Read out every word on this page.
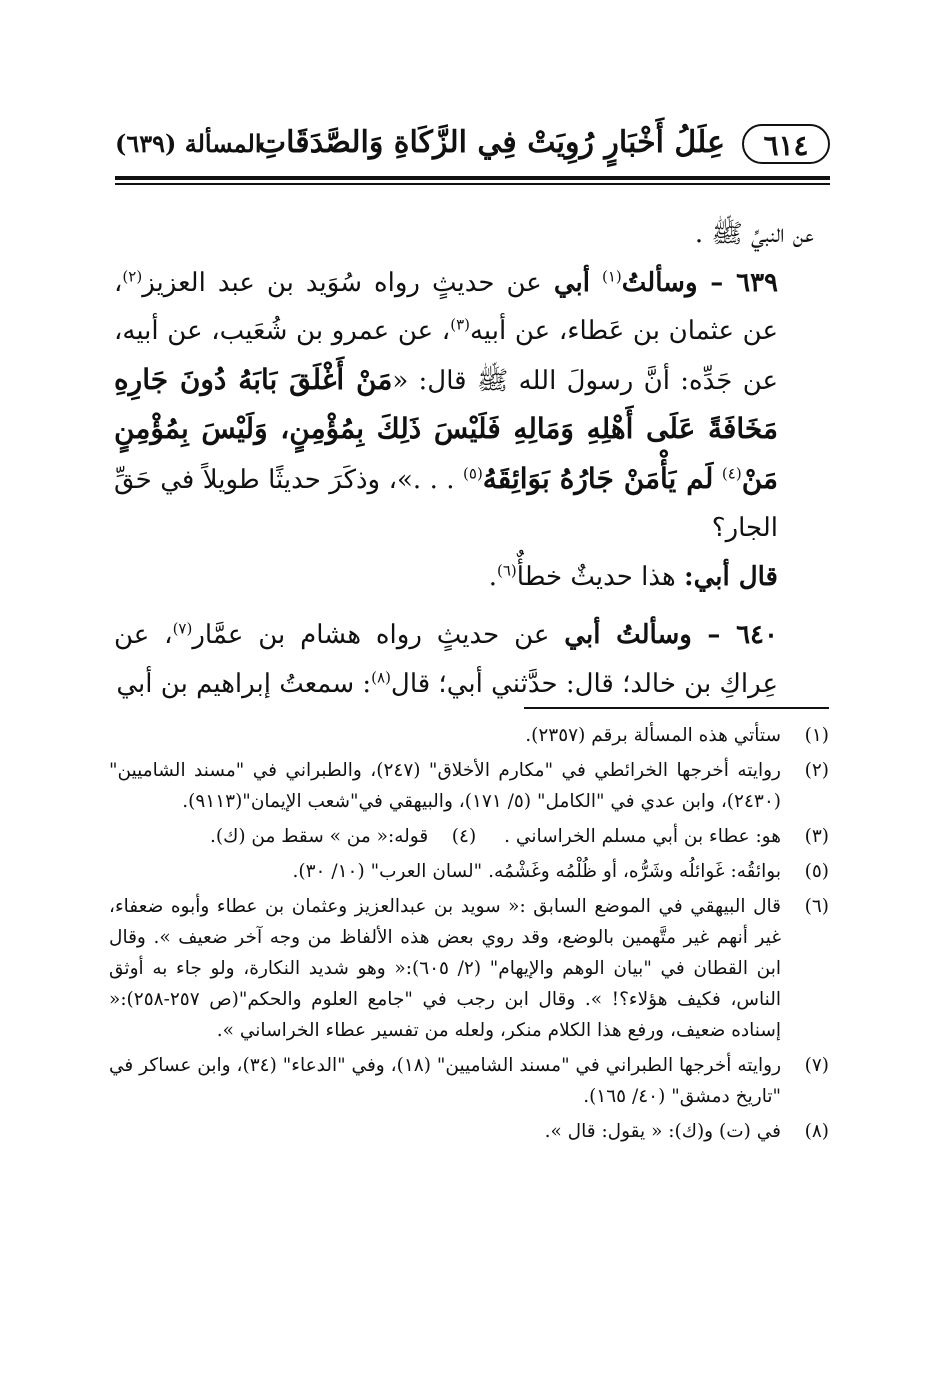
٦١٤
عِلَلُ أَخْبَارٍ رُوِيَتْ فِي الزَّكَاةِ وَالصَّدَقَاتِ
المسألة (٦٣٩)

عن النبيِّ ﷺ .

٦٣٩ – وسألتُ$^{(١)}$ أبي عن حديثٍ رواه سُوَيد بن عبد العزيز$^{(٢)}$، عن عثمان بن عَطاء، عن أبيه$^{(٣)}$، عن عمرو بن شُعَيب، عن أبيه، عن جَدِّه: أنَّ رسولَ الله ﷺ قال: «مَنْ أَغْلَقَ بَابَهُ دُونَ جَارِهِ مَخَافَةً عَلَى أَهْلِهِ وَمَالِهِ فَلَيْسَ ذَلِكَ بِمُؤْمِنٍ، وَلَيْسَ بِمُؤْمِنٍ مَنْ$^{(٤)}$ لَم يَأْمَنْ جَارُهُ بَوَائِقَهُ$^{(٥)}$ . . .»، وذكَرَ حديثًا طويلاً في حَقِّ الجار؟

قال أبي: هذا حديثٌ خطأٌ$^{(٦)}$.

٦٤٠ – وسألتُ أبي عن حديثٍ رواه هشام بن عمَّار$^{(٧)}$، عن عِراكِ بن خالد؛ قال: حدَّثني أبي؛ قال$^{(٨)}$: سمعتُ إبراهيم بن أبي

(١)
ستأتي هذه المسألة برقم (٢٣٥٧).
(٢)
روايته أخرجها الخرائطي في "مكارم الأخلاق" (٢٤٧)، والطبراني في "مسند الشاميين" (٢٤٣٠)، وابن عدي في "الكامل" (٥/ ١٧١)، والبيهقي في"شعب الإيمان"(٩١١٣).
(٣)
هو: عطاء بن أبي مسلم الخراساني .
(٤)
قوله:« من » سقط من (ك).
(٥)
بوائقُه: غَوائلُه وشَرُّه، أو ظُلْمُه وغَشْمُه. "لسان العرب" (١٠/ ٣٠).
(٦)
قال البيهقي في الموضع السابق :« سويد بن عبدالعزيز وعثمان بن عطاء وأبوه ضعفاء، غير أنهم غير متَّهمين بالوضع، وقد روي بعض هذه الألفاظ من وجه آخر ضعيف ». وقال ابن القطان في "بيان الوهم والإيهام" (٢/ ٦٠٥):« وهو شديد النكارة، ولو جاء به أوثق الناس، فكيف هؤلاء؟! ». وقال ابن رجب في "جامع العلوم والحكم"(ص ٢٥٧-٢٥٨):« إسناده ضعيف، ورفع هذا الكلام منكر، ولعله من تفسير عطاء الخراساني ».
(٧)
روايته أخرجها الطبراني في "مسند الشاميين" (١٨)، وفي "الدعاء" (٣٤)، وابن عساكر في "تاريخ دمشق" (٤٠/ ١٦٥).
(٨)
في (ت) و(ك): « يقول: قال ».
